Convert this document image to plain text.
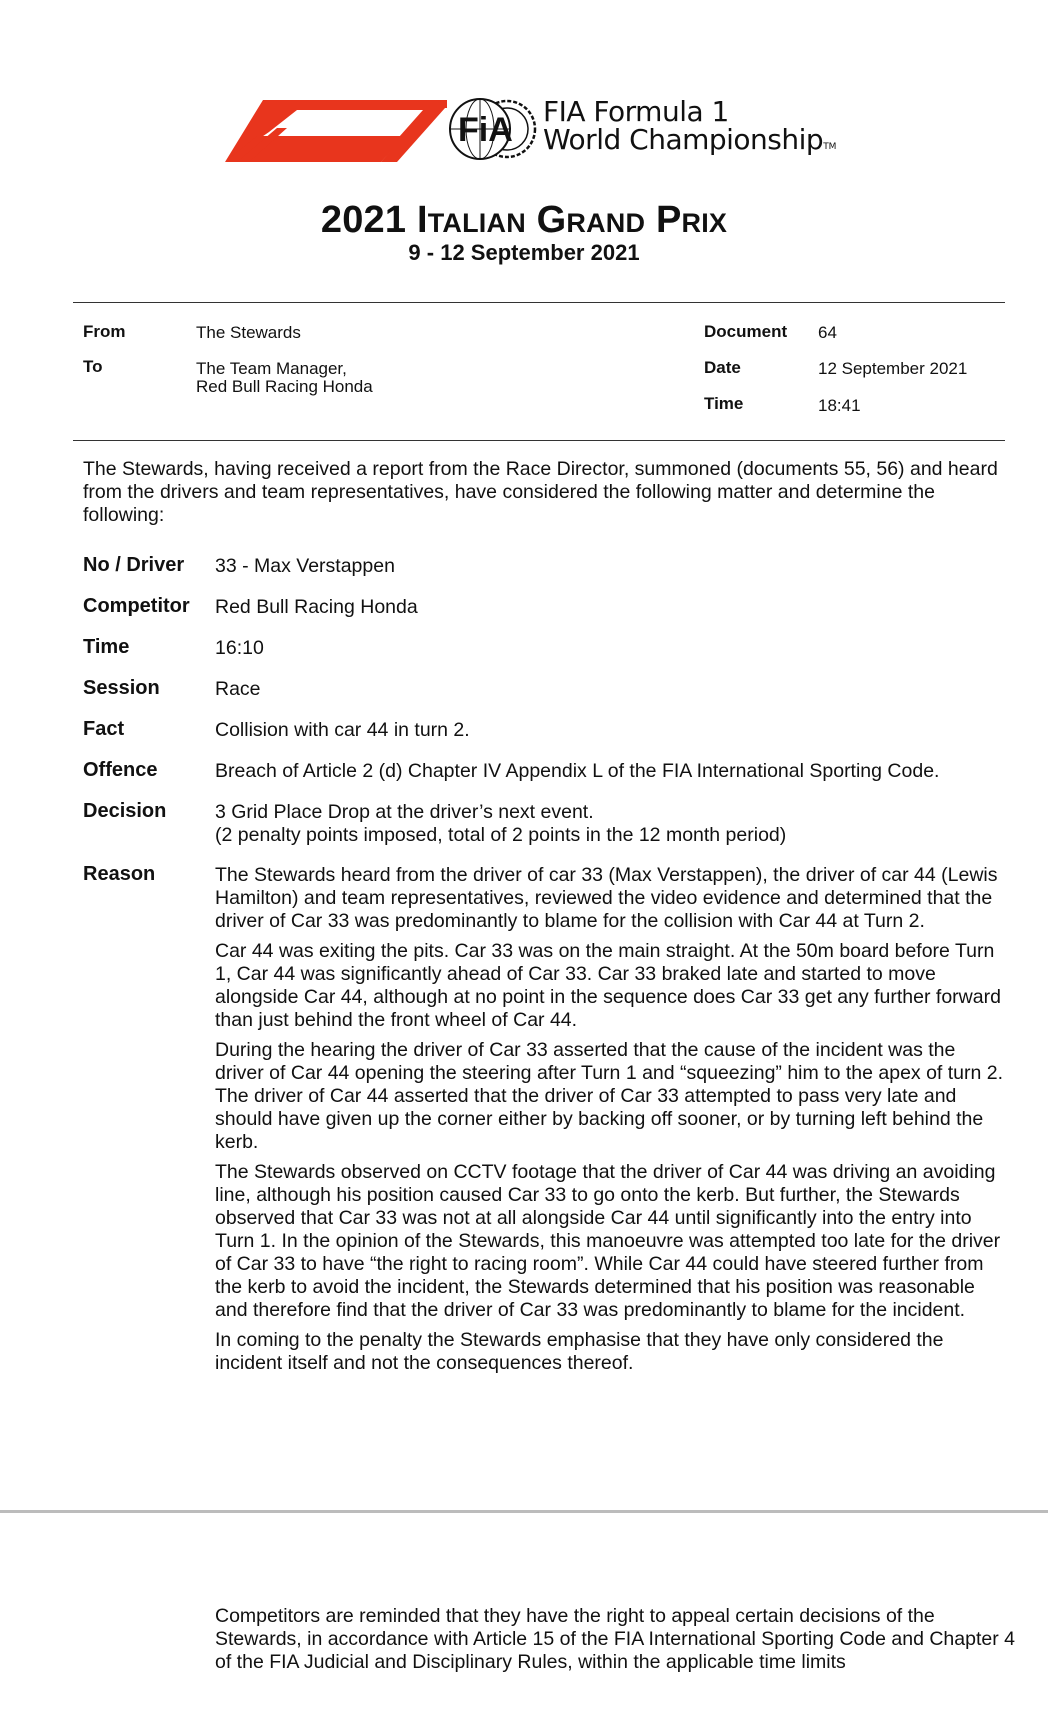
FiA FIA Formula 1
World ChampionshipTM
2021 Italian Grand Prix
9 - 12 September 2021
From	The Stewards
To	The Team Manager,
Red Bull Racing Honda
Document 64
Date	12 September 2021
Time	18:41
The Stewards, having received a report from the Race Director, summoned (documents 55, 56) and heard from the drivers and team representatives, have considered the following matter and determine the following:
No / Driver 33 - Max Verstappen
Competitor Red Bull Racing Honda
Time	16:10
Session	Race
Fact	Collision with car 44 in turn 2.
Offence	Breach of Article 2 (d) Chapter IV Appendix L of the FIA International Sporting Code.
Decision 3 Grid Place Drop at the driver’s next event.
(2 penalty points imposed, total of 2 points in the 12 month period)
Reason	The Stewards heard from the driver of car 33 (Max Verstappen), the driver of car 44 (Lewis Hamilton) and team representatives, reviewed the video evidence and determined that the driver of Car 33 was predominantly to blame for the collision with Car 44 at Turn 2.

Car 44 was exiting the pits. Car 33 was on the main straight. At the 50m board before Turn 1, Car 44 was significantly ahead of Car 33. Car 33 braked late and started to move alongside Car 44, although at no point in the sequence does Car 33 get any further forward than just behind the front wheel of Car 44.

During the hearing the driver of Car 33 asserted that the cause of the incident was the driver of Car 44 opening the steering after Turn 1 and “squeezing” him to the apex of turn 2. The driver of Car 44 asserted that the driver of Car 33 attempted to pass very late and should have given up the corner either by backing off sooner, or by turning left behind the kerb.

The Stewards observed on CCTV footage that the driver of Car 44 was driving an avoiding line, although his position caused Car 33 to go onto the kerb. But further, the Stewards observed that Car 33 was not at all alongside Car 44 until significantly into the entry into Turn 1. In the opinion of the Stewards, this manoeuvre was attempted too late for the driver of Car 33 to have “the right to racing room”. While Car 44 could have steered further from the kerb to avoid the incident, the Stewards determined that his position was reasonable and therefore find that the driver of Car 33 was predominantly to blame for the incident.

In coming to the penalty the Stewards emphasise that they have only considered the incident itself and not the consequences thereof.

Competitors are reminded that they have the right to appeal certain decisions of the Stewards, in accordance with Article 15 of the FIA International Sporting Code and Chapter 4 of the FIA Judicial and Disciplinary Rules, within the applicable time limits
